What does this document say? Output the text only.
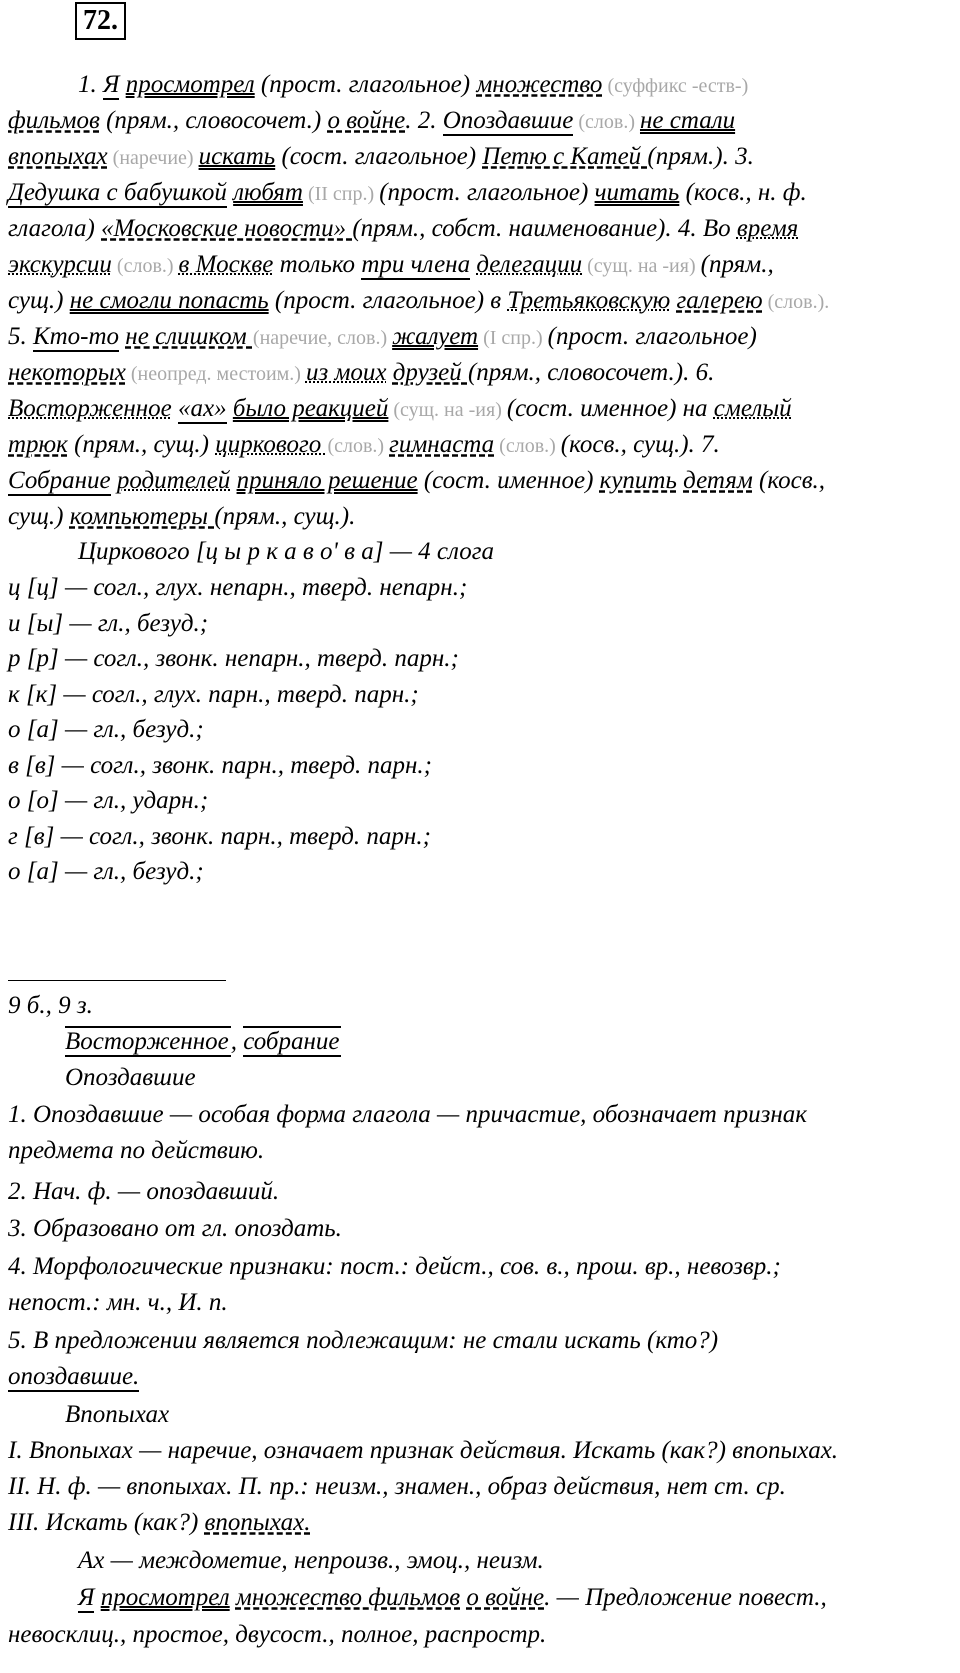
72.
1. Я просмотрел (прост. глагольное) множество (суффикс -еств-)
фильмов (прям., словосочет.) о войне. 2. Опоздавшие (слов.) не стали
впопыхах (наречие) искать (сост. глагольное) Петю с Катей (прям.). 3.
Дедушка с бабушкой любят (II спр.) (прост. глагольное) читать (косв., н. ф.
глагола) «Московские новости» (прям., собст. наименование). 4. Во время
экскурсии (слов.) в Москве только три члена делегации (сущ. на -ия) (прям.,
сущ.) не смогли попасть (прост. глагольное) в Третьяковскую галерею (слов.).
5. Кто-то не слишком (наречие, слов.) жалует (I спр.) (прост. глагольное)
некоторых (неопред. местоим.) из моих друзей (прям., словосочет.). 6.
Восторженное «ах» было реакцией (сущ. на -ия) (сост. именное) на смелый
трюк (прям., сущ.) циркового (слов.) гимнаста (слов.) (косв., сущ.). 7.
Собрание родителей приняло решение (сост. именное) купить детям (косв.,
сущ.) компьютеры (прям., сущ.).
Циркового [ц ы р к а в о' в а] — 4 слога
ц [ц] — согл., глух. непарн., тверд. непарн.;
и [ы] — гл., безуд.;
р [р] — согл., звонк. непарн., тверд. парн.;
к [к] — согл., глух. парн., тверд. парн.;
о [а] — гл., безуд.;
в [в] — согл., звонк. парн., тверд. парн.;
о [о] — гл., ударн.;
г [в] — согл., звонк. парн., тверд. парн.;
о [а] — гл., безуд.;
9 б., 9 з.
Восторженное, собрание
Опоздавшие
1. Опоздавшие — особая форма глагола — причастие, обозначает признак
предмета по действию.
2. Нач. ф. — опоздавший.
3. Образовано от гл. опоздать.
4. Морфологические признаки: пост.: дейст., сов. в., прош. вр., невозвр.;
непост.: мн. ч., И. п.
5. В предложении является подлежащим: не стали искать (кто?)
опоздавшие.
Впопыхах
I. Впопыхах — наречие, означает признак действия. Искать (как?) впопыхах.
II. Н. ф. — впопыхах. П. пр.: неизм., знамен., образ действия, нет ст. ср.
III. Искать (как?) впопыхах.
Ах — междометие, непроизв., эмоц., неизм.
Я просмотрел множество фильмов о войне. — Предложение повест.,
невосклиц., простое, двусост., полное, распростр.
